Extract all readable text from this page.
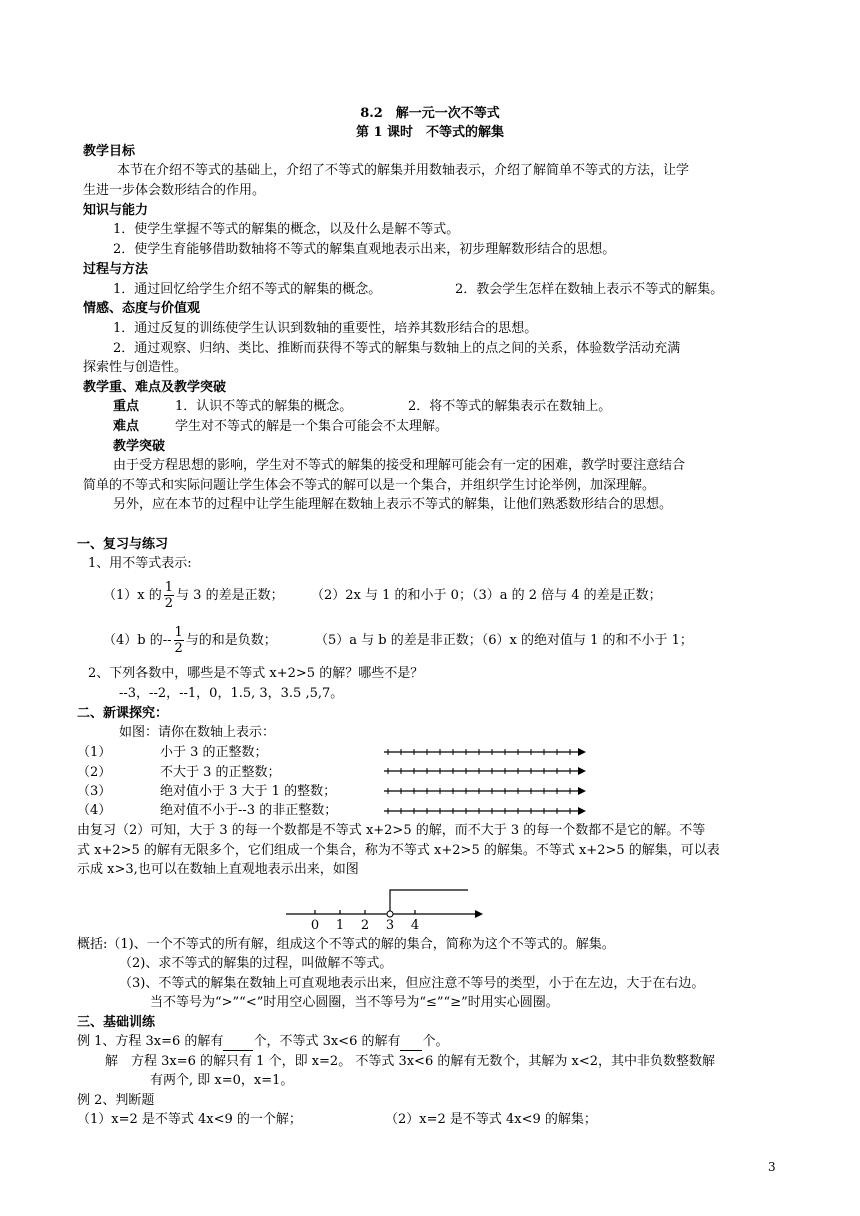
8.2　解一元一次不等式
第 1 课时　不等式的解集
教学目标
本节在介绍不等式的基础上，介绍了不等式的解集并用数轴表示，介绍了解简单不等式的方法，让学
生进一步体会数形结合的作用。
知识与能力
1．使学生掌握不等式的解集的概念，以及什么是解不等式。
2．使学生育能够借助数轴将不等式的解集直观地表示出来，初步理解数形结合的思想。
过程与方法
1．通过回忆给学生介绍不等式的解集的概念。	2．教会学生怎样在数轴上表示不等式的解集。
情感、态度与价值观
1．通过反复的训练使学生认识到数轴的重要性，培养其数形结合的思想。
2．通过观察、归纳、类比、推断而获得不等式的解集与数轴上的点之间的关系，体验数学活动充满
探索性与创造性。
教学重、难点及教学突破
重点	1．认识不等式的解集的概念。	2．将不等式的解集表示在数轴上。
难点	学生对不等式的解是一个集合可能会不太理解。
教学突破
由于受方程思想的影响，学生对不等式的解集的接受和理解可能会有一定的困难，教学时要注意结合
简单的不等式和实际问题让学生体会不等式的解可以是一个集合，并组织学生讨论举例，加深理解。
另外，应在本节的过程中让学生能理解在数轴上表示不等式的解集，让他们熟悉数形结合的思想。
一、复习与练习
1、用不等式表示:
（1）x 的 $\frac{1}{2}$ 与 3 的差是正数； （2）2x 与 1 的和小于 0；（3）a 的 2 倍与 4 的差是正数；
（4）b 的-- $\frac{1}{2}$ 与的和是负数；	（5）a 与 b 的差是非正数；（6）x 的绝对值与 1 的和不小于 1；
2、下列各数中，哪些是不等式 x+2>5 的解？哪些不是？
--3，--2，--1，0，1.5, 3，3.5 ,5,7。
二、新课探究：
如图：请你在数轴上表示：
（1）	小于 3 的正整数；
（2）	不大于 3 的正整数；
（3）	绝对值小于 3 大于 1 的整数；
（4）	绝对值不小于--3 的非正整数；
由复习（2）可知，大于 3 的每一个数都是不等式 x+2>5 的解，而不大于 3 的每一个数都不是它的解。不等
式 x+2>5 的解有无限多个，它们组成一个集合，称为不等式 x+2>5 的解集。不等式 x+2>5 的解集，可以表
示成 x>3,也可以在数轴上直观地表示出来，如图
0 1 2 3 4
概括:（1)、一个不等式的所有解，组成这个不等式的解的集合，简称为这个不等式的。解集。
（2)、求不等式的解集的过程，叫做解不等式。
（3)、不等式的解集在数轴上可直观地表示出来，但应注意不等号的类型，小于在左边，大于在右边。
当不等号为“>”“<”时用空心圆圈，当不等号为“≤”“≥”时用实心圆圈。
三、基础训练
例 1、方程 3x=6 的解有 个，不等式 3x<6 的解有 个。
解　方程 3x=6 的解只有 1 个，即 x=2。 不等式 3x<6 的解有无数个，其解为 x<2，其中非负数整数解
有两个, 即 x=0，x=1。
例 2、判断题
（1）x=2 是不等式 4x<9 的一个解；	（2）x=2 是不等式 4x<9 的解集；
3
